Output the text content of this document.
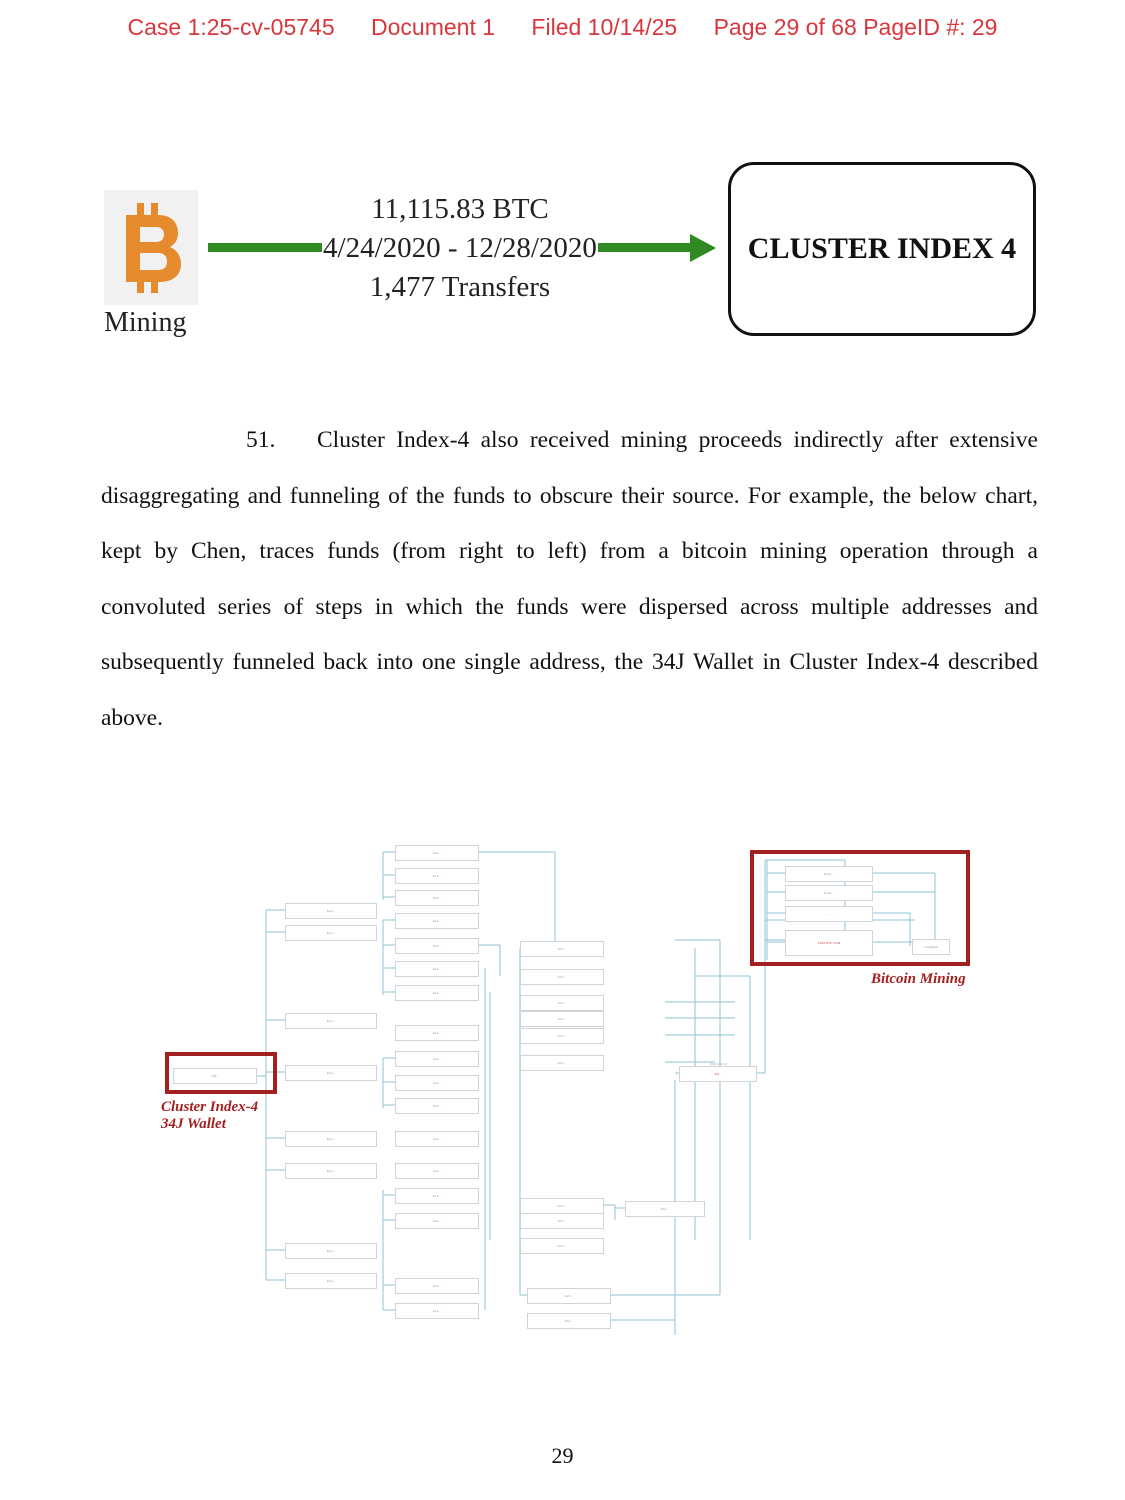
Case 1:25-cv-05745 Document 1 Filed 10/14/25 Page 29 of 68 PageID #: 29
Mining
11,115.83 BTC
4/24/2020 - 12/28/2020
1,477 Transfers
CLUSTER INDEX 4
51. Cluster Index-4 also received mining proceeds indirectly after extensive disaggregating and funneling of the funds to obscure their source. For example, the below chart, kept by Chen, traces funds (from right to left) from a bitcoin mining operation through a convoluted series of steps in which the funds were dispersed across multiple addresses and subsequently funneled back into one single address, the 34J Wallet in Cluster Index-4 described above.
34J...
bc1...
bc1...
bc1...
bc1...
bc1...
bc1...
bc1...
bc1...
bc1...
bc1...
bc1...
bc1...
bc1...
bc1...
bc1...
bc1...
bc1...
bc1...
bc1...
bc1...
bc1...
bc1...
bc1...
bc1...
bc1...
bc1...
bc1...
bc1...
bc1...
bc1...
bc1...
bc1...
bc1...
bc1...
bc1...
bc1...
bc1...
34J...
2020.04.21
bc1q...
bc1q...
. . . . .
2020 BTC COM
coinbase
Cluster Index-4
34J Wallet
Bitcoin Mining
29
